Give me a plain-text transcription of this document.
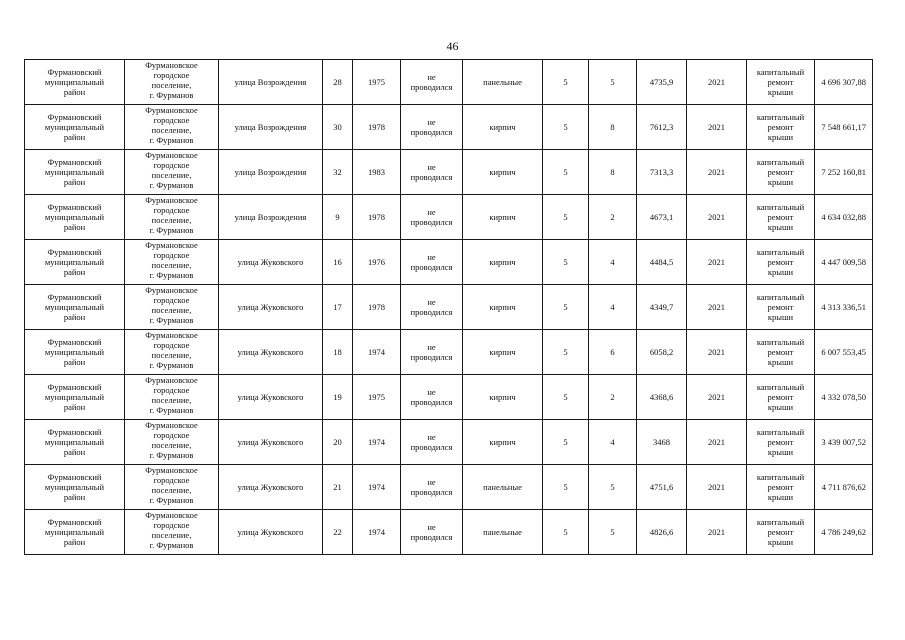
46
Фурмановский
муниципальный
район	Фурмановское
городское
поселение,
г. Фурманов	улица Возрождения	28	1975	не
проводился	панельные	5	5	4735,9	2021	капитальный
ремонт
крыши	4 696 307,88
Фурмановский
муниципальный
район	Фурмановское
городское
поселение,
г. Фурманов	улица Возрождения	30	1978	не
проводился	кирпич	5	8	7612,3	2021	капитальный
ремонт
крыши	7 548 661,17
Фурмановский
муниципальный
район	Фурмановское
городское
поселение,
г. Фурманов	улица Возрождения	32	1983	не
проводился	кирпич	5	8	7313,3	2021	капитальный
ремонт
крыши	7 252 160,81
Фурмановский
муниципальный
район	Фурмановское
городское
поселение,
г. Фурманов	улица Возрождения	9	1978	не
проводился	кирпич	5	2	4673,1	2021	капитальный
ремонт
крыши	4 634 032,88
Фурмановский
муниципальный
район	Фурмановское
городское
поселение,
г. Фурманов	улица Жуковского	16	1976	не
проводился	кирпич	5	4	4484,5	2021	капитальный
ремонт
крыши	4 447 009,58
Фурмановский
муниципальный
район	Фурмановское
городское
поселение,
г. Фурманов	улица Жуковского	17	1978	не
проводился	кирпич	5	4	4349,7	2021	капитальный
ремонт
крыши	4 313 336,51
Фурмановский
муниципальный
район	Фурмановское
городское
поселение,
г. Фурманов	улица Жуковского	18	1974	не
проводился	кирпич	5	6	6058,2	2021	капитальный
ремонт
крыши	6 007 553,45
Фурмановский
муниципальный
район	Фурмановское
городское
поселение,
г. Фурманов	улица Жуковского	19	1975	не
проводился	кирпич	5	2	4368,6	2021	капитальный
ремонт
крыши	4 332 078,50
Фурмановский
муниципальный
район	Фурмановское
городское
поселение,
г. Фурманов	улица Жуковского	20	1974	не
проводился	кирпич	5	4	3468	2021	капитальный
ремонт
крыши	3 439 007,52
Фурмановский
муниципальный
район	Фурмановское
городское
поселение,
г. Фурманов	улица Жуковского	21	1974	не
проводился	панельные	5	5	4751,6	2021	капитальный
ремонт
крыши	4 711 876,62
Фурмановский
муниципальный
район	Фурмановское
городское
поселение,
г. Фурманов	улица Жуковского	22	1974	не
проводился	панельные	5	5	4826,6	2021	капитальный
ремонт
крыши	4 786 249,62
